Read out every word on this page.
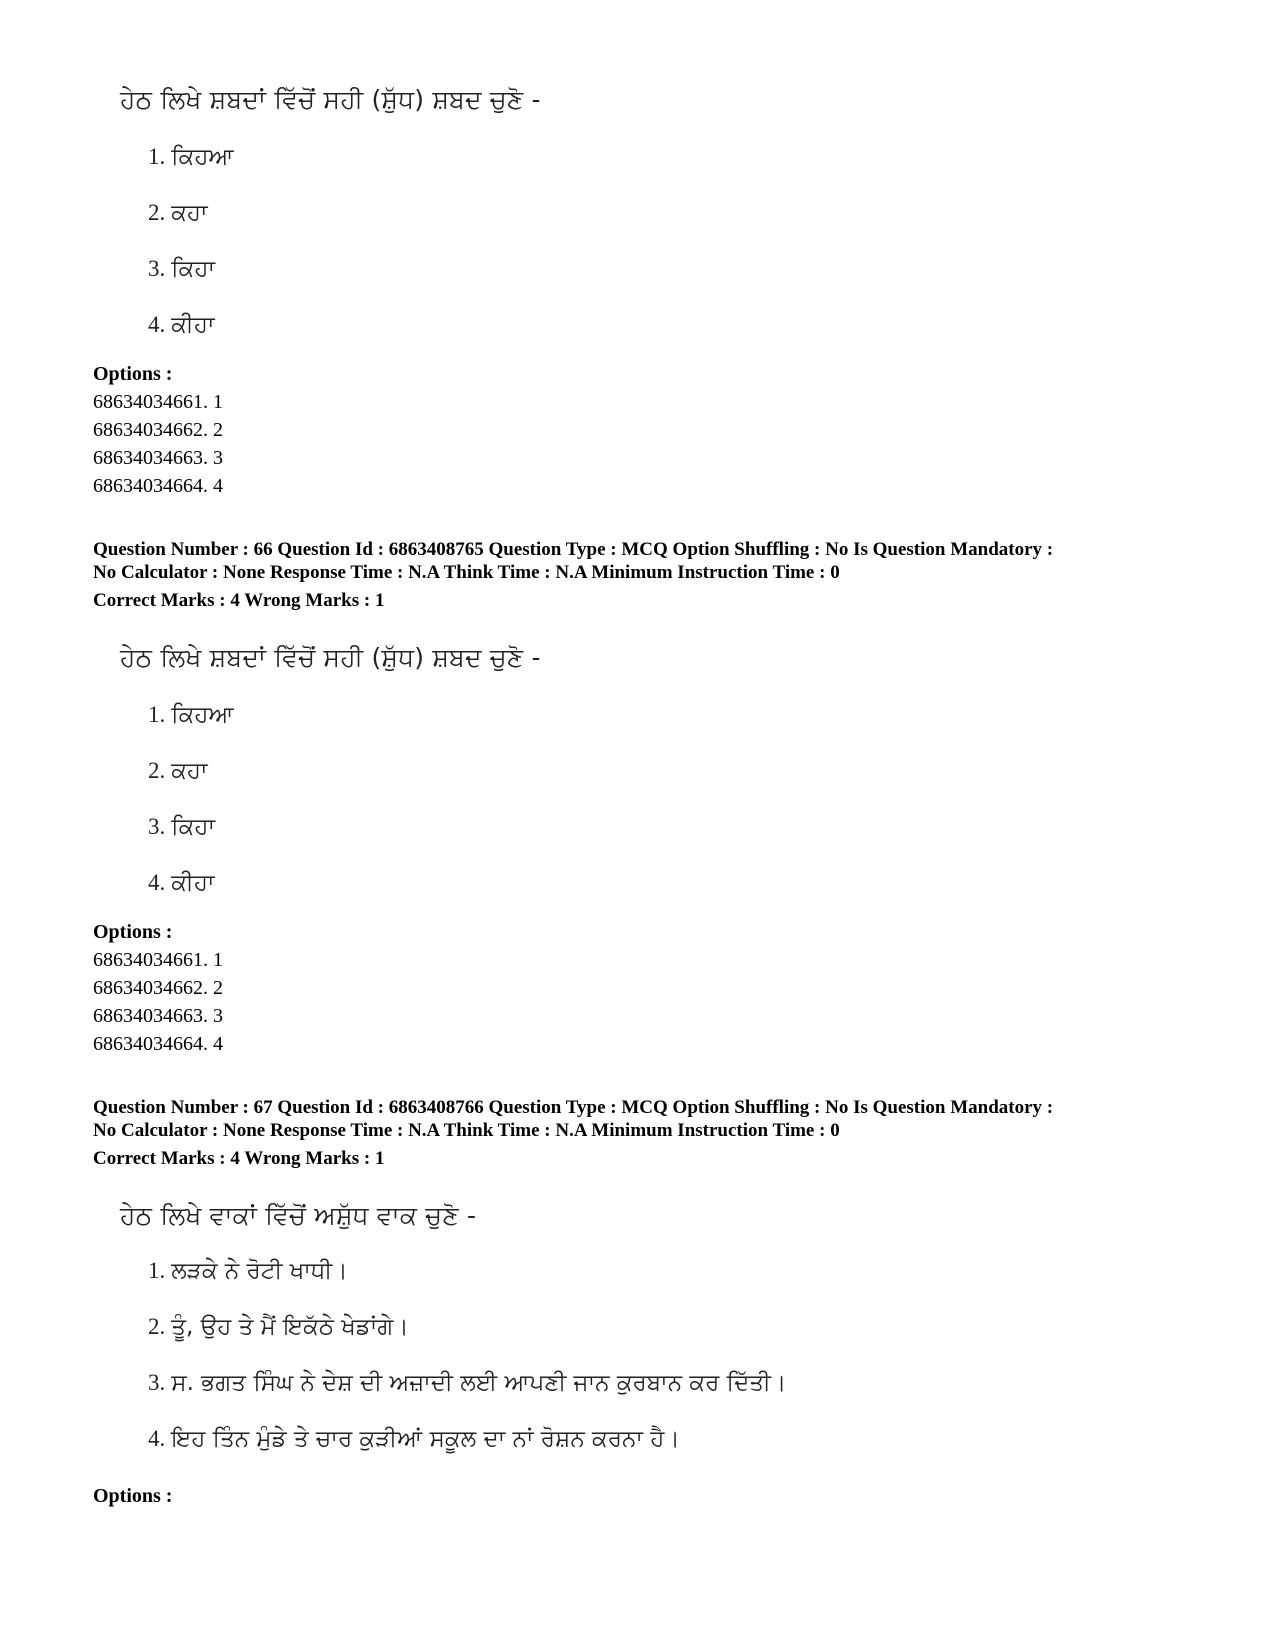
ਹੇਠ ਲਿਖੇ ਸ਼ਬਦਾਂ ਵਿੱਚੋਂ ਸਹੀ (ਸ਼ੁੱਧ) ਸ਼ਬਦ ਚੁਣੋ -
1. ਕਿਹਆ
2. ਕਹਾ
3. ਕਿਹਾ
4. ਕੀਹਾ
Options :
68634034661. 1
68634034662. 2
68634034663. 3
68634034664. 4
Question Number : 66 Question Id : 6863408765 Question Type : MCQ Option Shuffling : No Is Question Mandatory :
No Calculator : None Response Time : N.A Think Time : N.A Minimum Instruction Time : 0
Correct Marks : 4 Wrong Marks : 1
ਹੇਠ ਲਿਖੇ ਸ਼ਬਦਾਂ ਵਿੱਚੋਂ ਸਹੀ (ਸ਼ੁੱਧ) ਸ਼ਬਦ ਚੁਣੋ -
1. ਕਿਹਆ
2. ਕਹਾ
3. ਕਿਹਾ
4. ਕੀਹਾ
Options :
68634034661. 1
68634034662. 2
68634034663. 3
68634034664. 4
Question Number : 67 Question Id : 6863408766 Question Type : MCQ Option Shuffling : No Is Question Mandatory :
No Calculator : None Response Time : N.A Think Time : N.A Minimum Instruction Time : 0
Correct Marks : 4 Wrong Marks : 1
ਹੇਠ ਲਿਖੇ ਵਾਕਾਂ ਵਿੱਚੋਂ ਅਸ਼ੁੱਧ ਵਾਕ ਚੁਣੋ -
1. ਲੜਕੇ ਨੇ ਰੋਟੀ ਖਾਧੀ।
2. ਤੂੰ, ਉਹ ਤੇ ਮੈਂ ਇਕੱਠੇ ਖੇਡਾਂਗੇ।
3. ਸ. ਭਗਤ ਸਿੰਘ ਨੇ ਦੇਸ਼ ਦੀ ਅਜ਼ਾਦੀ ਲਈ ਆਪਣੀ ਜਾਨ ਕੁਰਬਾਨ ਕਰ ਦਿੱਤੀ।
4. ਇਹ ਤਿੰਨ ਮੁੰਡੇ ਤੇ ਚਾਰ ਕੁੜੀਆਂ ਸਕੂਲ ਦਾ ਨਾਂ ਰੋਸ਼ਨ ਕਰਨਾ ਹੈ।
Options :
